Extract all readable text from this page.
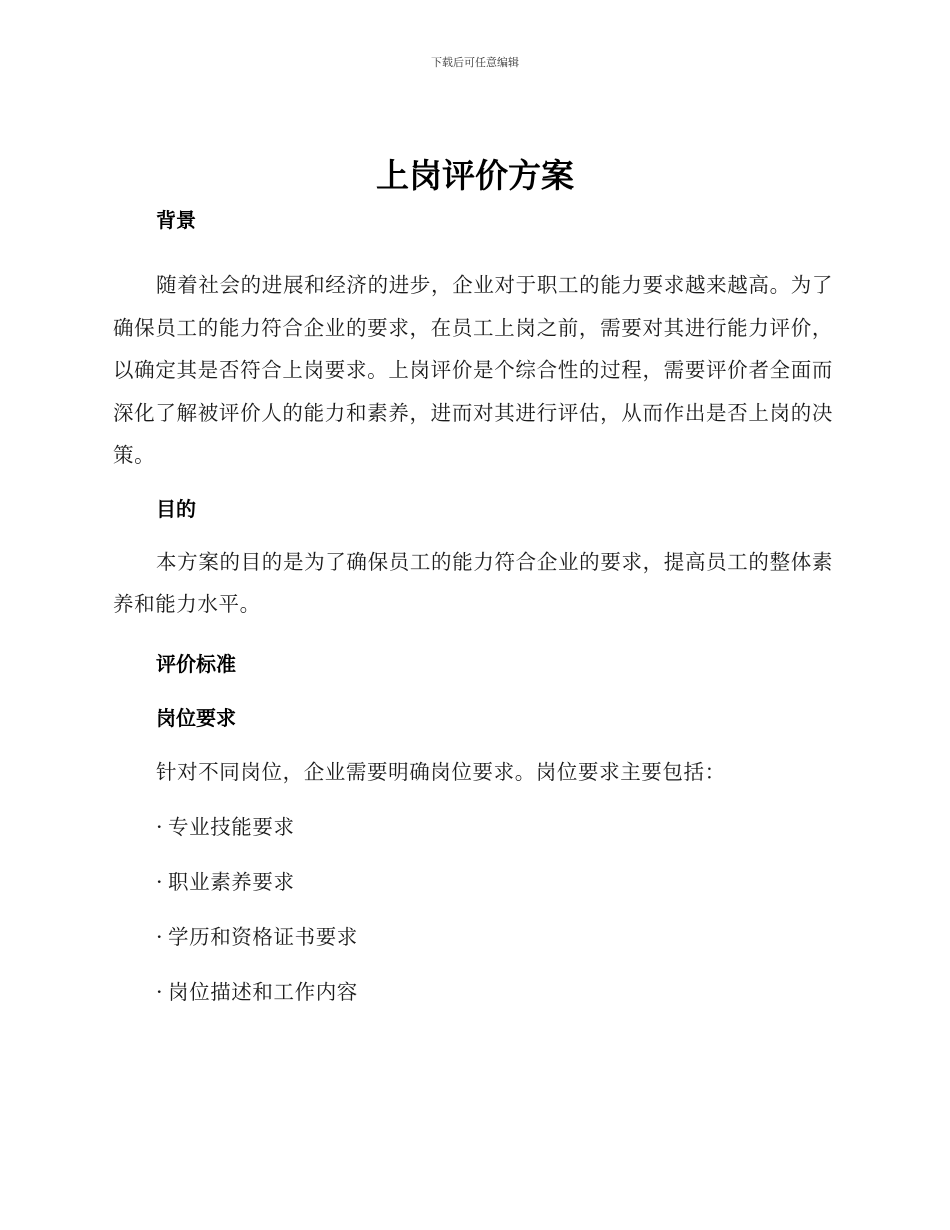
下载后可任意编辑
上岗评价方案
背景

随着社会的进展和经济的进步，企业对于职工的能力要求越来越高。为了确保员工的能力符合企业的要求，在员工上岗之前，需要对其进行能力评价，以确定其是否符合上岗要求。上岗评价是个综合性的过程，需要评价者全面而深化了解被评价人的能力和素养，进而对其进行评估，从而作出是否上岗的决策。

目的

本方案的目的是为了确保员工的能力符合企业的要求，提高员工的整体素养和能力水平。

评价标准
岗位要求

针对不同岗位，企业需要明确岗位要求。岗位要求主要包括：

· 专业技能要求

· 职业素养要求

· 学历和资格证书要求

· 岗位描述和工作内容
